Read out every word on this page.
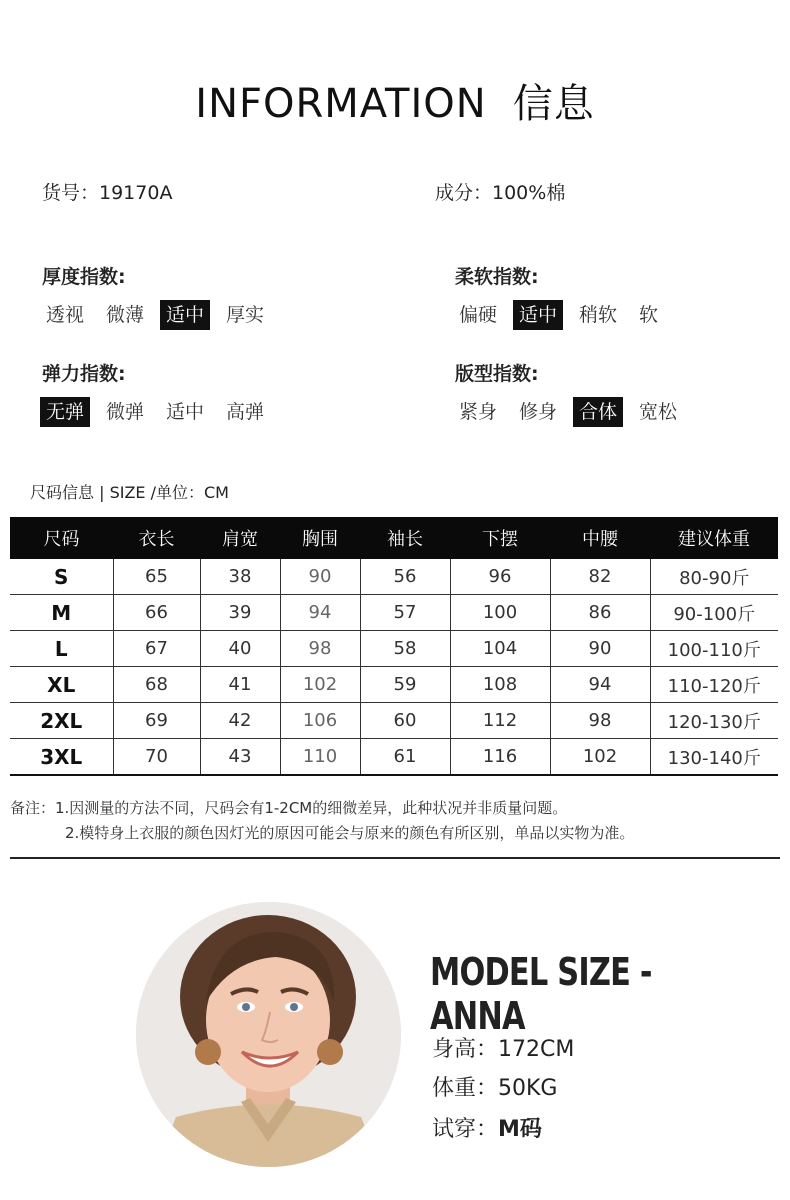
INFORMATION 信息
货号：19170A	成分：100%棉
厚度指数:
透视	微薄	适中	厚实
柔软指数:
偏硬	适中	稍软	软
弹力指数:
无弹	微弹	适中	高弹
版型指数:
紧身	修身	合体	宽松
尺码信息 | SIZE /单位：CM
尺码	衣长	肩宽	胸围	袖长	下摆	中腰	建议体重
S	65	38	90	56	96	82	80-90斤
M	66	39	94	57	100	86	90-100斤
L	67	40	98	58	104	90	100-110斤
XL	68	41	102	59	108	94	110-120斤
2XL	69	42	106	60	112	98	120-130斤
3XL	70	43	110	61	116	102	130-140斤
备注：1.因测量的方法不同，尺码会有1-2CM的细微差异，此种状况并非质量问题。
2.模特身上衣服的颜色因灯光的原因可能会与原来的颜色有所区别，单品以实物为准。
MODEL SIZE - ANNA
身高：172CM
体重：50KG
试穿：M码
